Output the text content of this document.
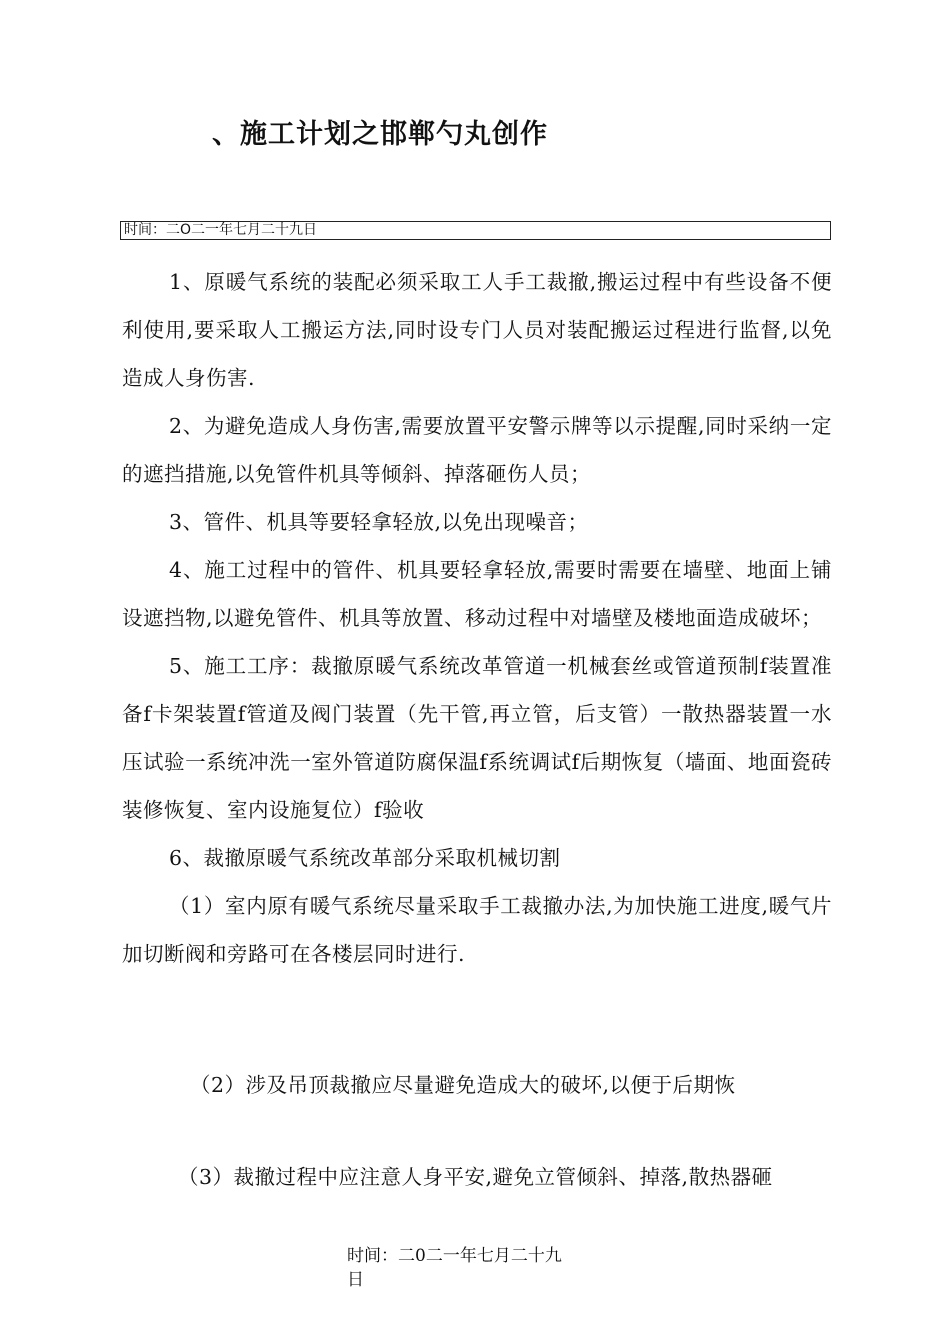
、施工计划之邯郸勺丸创作
时间：二O二一年七月二十九日

1、原暖气系统的装配必须采取工人手工裁撤,搬运过程中有些设备不便利使用,要采取人工搬运方法,同时设专门人员对装配搬运过程进行监督,以免造成人身伤害.

2、为避免造成人身伤害,需要放置平安警示牌等以示提醒,同时采纳一定的遮挡措施,以免管件机具等倾斜、掉落砸伤人员；

3、管件、机具等要轻拿轻放,以免出现噪音；

4、施工过程中的管件、机具要轻拿轻放,需要时需要在墙壁、地面上铺设遮挡物,以避免管件、机具等放置、移动过程中对墙壁及楼地面造成破坏；

5、施工工序：裁撤原暖气系统改革管道一机械套丝或管道预制f装置准备f卡架装置f管道及阀门装置（先干管,再立管，后支管）一散热器装置一水压试验一系统冲洗一室外管道防腐保温f系统调试f后期恢复（墙面、地面瓷砖装修恢复、室内设施复位）f验收

6、裁撤原暖气系统改革部分采取机械切割

（1）室内原有暖气系统尽量采取手工裁撤办法,为加快施工进度,暖气片加切断阀和旁路可在各楼层同时进行.

（2）涉及吊顶裁撤应尽量避免造成大的破坏,以便于后期恢
（3）裁撤过程中应注意人身平安,避免立管倾斜、掉落,散热器砸
时间：二0二一年七月二十九
日
